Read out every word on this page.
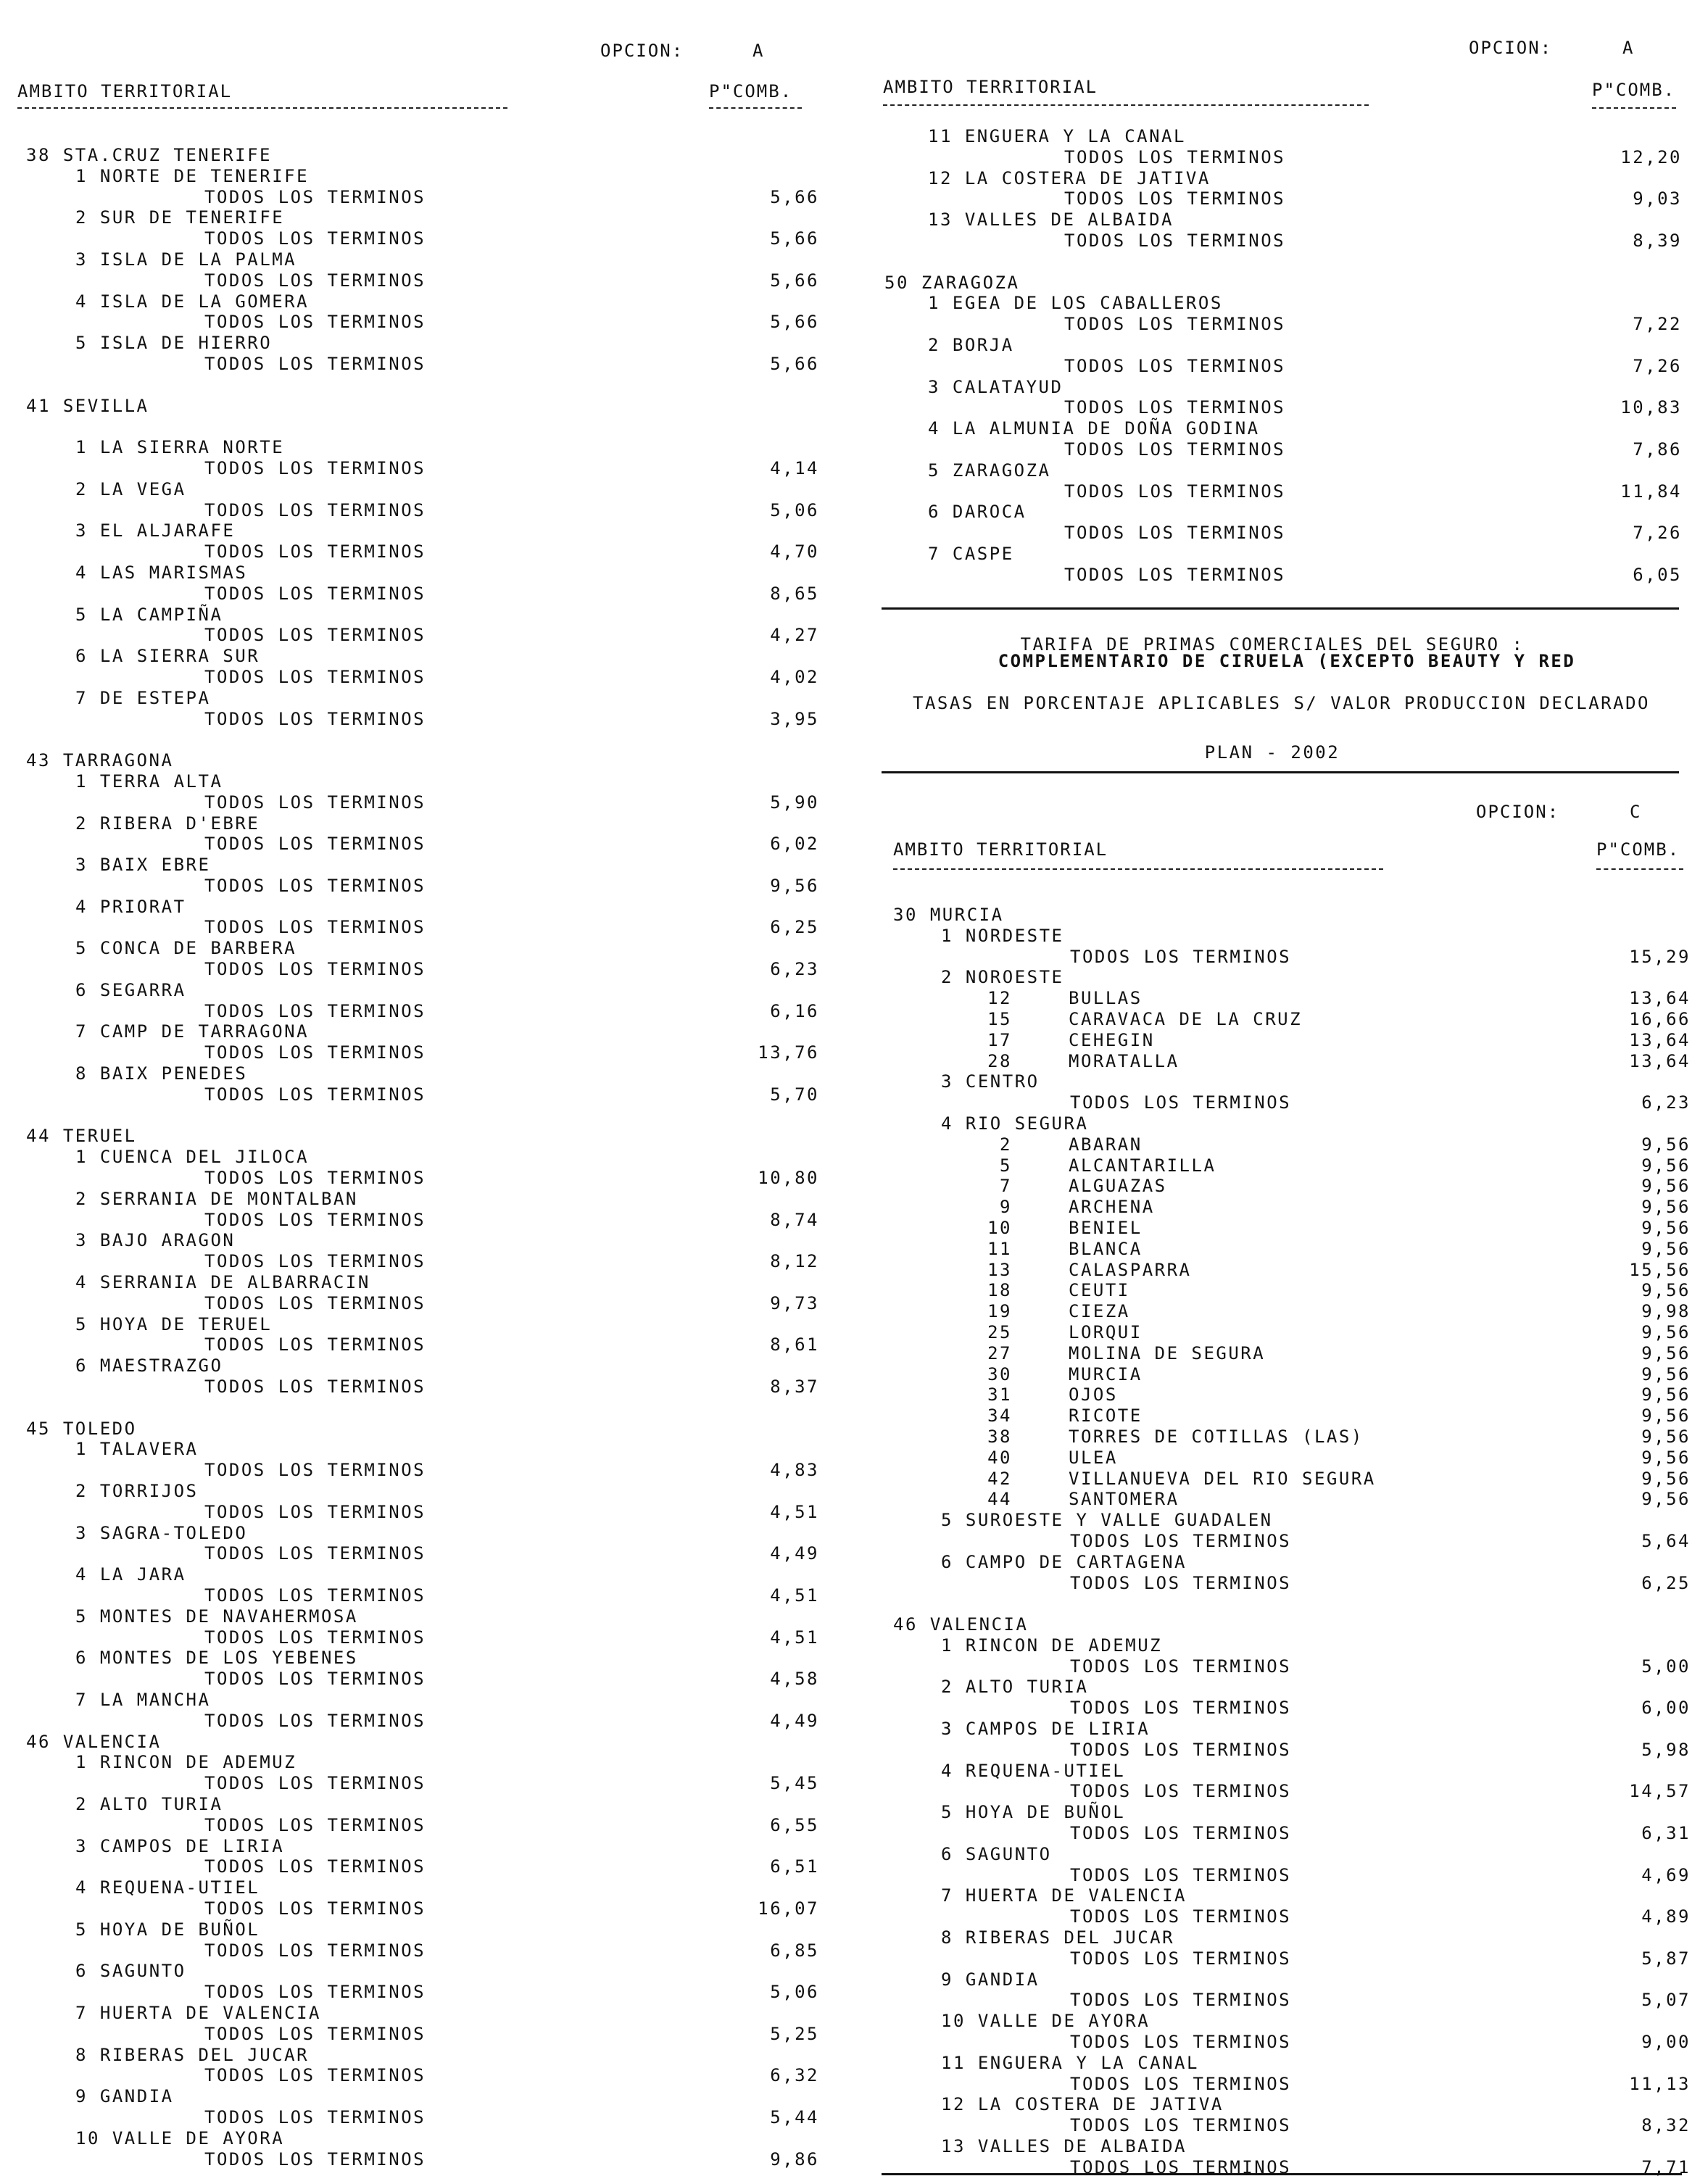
OPCION:	A
AMBITO TERRITORIAL	P"COMB.
38 STA.CRUZ TENERIFE
1 NORTE DE TENERIFE
TODOS LOS TERMINOS	5,66
2 SUR DE TENERIFE
TODOS LOS TERMINOS	5,66
3 ISLA DE LA PALMA
TODOS LOS TERMINOS	5,66
4 ISLA DE LA GOMERA
TODOS LOS TERMINOS	5,66
5 ISLA DE HIERRO
TODOS LOS TERMINOS	5,66
41 SEVILLA
1 LA SIERRA NORTE
TODOS LOS TERMINOS	4,14
2 LA VEGA
TODOS LOS TERMINOS	5,06
3 EL ALJARAFE
TODOS LOS TERMINOS	4,70
4 LAS MARISMAS
TODOS LOS TERMINOS	8,65
5 LA CAMPIÑA
TODOS LOS TERMINOS	4,27
6 LA SIERRA SUR
TODOS LOS TERMINOS	4,02
7 DE ESTEPA
TODOS LOS TERMINOS	3,95
43 TARRAGONA
1 TERRA ALTA
TODOS LOS TERMINOS	5,90
2 RIBERA D'EBRE
TODOS LOS TERMINOS	6,02
3 BAIX EBRE
TODOS LOS TERMINOS	9,56
4 PRIORAT
TODOS LOS TERMINOS	6,25
5 CONCA DE BARBERA
TODOS LOS TERMINOS	6,23
6 SEGARRA
TODOS LOS TERMINOS	6,16
7 CAMP DE TARRAGONA
TODOS LOS TERMINOS	13,76
8 BAIX PENEDES
TODOS LOS TERMINOS	5,70
44 TERUEL
1 CUENCA DEL JILOCA
TODOS LOS TERMINOS	10,80
2 SERRANIA DE MONTALBAN
TODOS LOS TERMINOS	8,74
3 BAJO ARAGON
TODOS LOS TERMINOS	8,12
4 SERRANIA DE ALBARRACIN
TODOS LOS TERMINOS	9,73
5 HOYA DE TERUEL
TODOS LOS TERMINOS	8,61
6 MAESTRAZGO
TODOS LOS TERMINOS	8,37
45 TOLEDO
1 TALAVERA
TODOS LOS TERMINOS	4,83
2 TORRIJOS
TODOS LOS TERMINOS	4,51
3 SAGRA-TOLEDO
TODOS LOS TERMINOS	4,49
4 LA JARA
TODOS LOS TERMINOS	4,51
5 MONTES DE NAVAHERMOSA
TODOS LOS TERMINOS	4,51
6 MONTES DE LOS YEBENES
TODOS LOS TERMINOS	4,58
7 LA MANCHA
TODOS LOS TERMINOS	4,49
46 VALENCIA
1 RINCON DE ADEMUZ
TODOS LOS TERMINOS	5,45
2 ALTO TURIA
TODOS LOS TERMINOS	6,55
3 CAMPOS DE LIRIA
TODOS LOS TERMINOS	6,51
4 REQUENA-UTIEL
TODOS LOS TERMINOS	16,07
5 HOYA DE BUÑOL
TODOS LOS TERMINOS	6,85
6 SAGUNTO
TODOS LOS TERMINOS	5,06
7 HUERTA DE VALENCIA
TODOS LOS TERMINOS	5,25
8 RIBERAS DEL JUCAR
TODOS LOS TERMINOS	6,32
9 GANDIA
TODOS LOS TERMINOS	5,44
10 VALLE DE AYORA
TODOS LOS TERMINOS	9,86
OPCION:	A
AMBITO TERRITORIAL	P"COMB.
11 ENGUERA Y LA CANAL
TODOS LOS TERMINOS	12,20
12 LA COSTERA DE JATIVA
TODOS LOS TERMINOS	9,03
13 VALLES DE ALBAIDA
TODOS LOS TERMINOS	8,39
50 ZARAGOZA
1 EGEA DE LOS CABALLEROS
TODOS LOS TERMINOS	7,22
2 BORJA
TODOS LOS TERMINOS	7,26
3 CALATAYUD
TODOS LOS TERMINOS	10,83
4 LA ALMUNIA DE DOÑA GODINA
TODOS LOS TERMINOS	7,86
5 ZARAGOZA
TODOS LOS TERMINOS	11,84
6 DAROCA
TODOS LOS TERMINOS	7,26
7 CASPE
TODOS LOS TERMINOS	6,05
TARIFA DE PRIMAS COMERCIALES DEL SEGURO :
COMPLEMENTARIO DE CIRUELA (EXCEPTO BEAUTY Y RED
TASAS EN PORCENTAJE APLICABLES S/ VALOR PRODUCCION DECLARADO
PLAN - 2002
OPCION:	C
AMBITO TERRITORIAL	P"COMB.
30 MURCIA
1 NORDESTE
TODOS LOS TERMINOS	15,29
2 NOROESTE
12	BULLAS	13,64
15	CARAVACA DE LA CRUZ	16,66
17	CEHEGIN	13,64
28	MORATALLA	13,64
3 CENTRO
TODOS LOS TERMINOS	6,23
4 RIO SEGURA
2	ABARAN	9,56
5	ALCANTARILLA	9,56
7	ALGUAZAS	9,56
9	ARCHENA	9,56
10	BENIEL	9,56
11	BLANCA	9,56
13	CALASPARRA	15,56
18	CEUTI	9,56
19	CIEZA	9,98
25	LORQUI	9,56
27	MOLINA DE SEGURA	9,56
30	MURCIA	9,56
31	OJOS	9,56
34	RICOTE	9,56
38	TORRES DE COTILLAS (LAS)	9,56
40	ULEA	9,56
42	VILLANUEVA DEL RIO SEGURA	9,56
44	SANTOMERA	9,56
5 SUROESTE Y VALLE GUADALEN
TODOS LOS TERMINOS	5,64
6 CAMPO DE CARTAGENA
TODOS LOS TERMINOS	6,25
46 VALENCIA
1 RINCON DE ADEMUZ
TODOS LOS TERMINOS	5,00
2 ALTO TURIA
TODOS LOS TERMINOS	6,00
3 CAMPOS DE LIRIA
TODOS LOS TERMINOS	5,98
4 REQUENA-UTIEL
TODOS LOS TERMINOS	14,57
5 HOYA DE BUÑOL
TODOS LOS TERMINOS	6,31
6 SAGUNTO
TODOS LOS TERMINOS	4,69
7 HUERTA DE VALENCIA
TODOS LOS TERMINOS	4,89
8 RIBERAS DEL JUCAR
TODOS LOS TERMINOS	5,87
9 GANDIA
TODOS LOS TERMINOS	5,07
10 VALLE DE AYORA
TODOS LOS TERMINOS	9,00
11 ENGUERA Y LA CANAL
TODOS LOS TERMINOS	11,13
12 LA COSTERA DE JATIVA
TODOS LOS TERMINOS	8,32
13 VALLES DE ALBAIDA
TODOS LOS TERMINOS	7,71
